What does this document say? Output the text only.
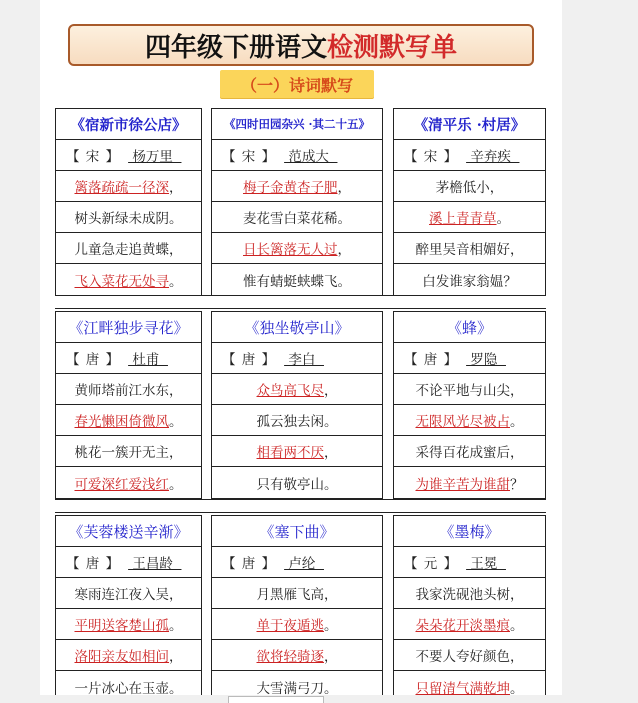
四年级下册语文 检测默写单
（一）诗词默写
《宿新市徐公店》
【 宋 】 杨万里
篱落疏疏一径深 ，
树头新绿未成阴。
儿童急走追黄蝶，
飞入菜花无处寻 。
《四时田园杂兴 ·其二十五》
【 宋 】 范成大
梅子金黄杏子肥 ，
麦花雪白菜花稀。
日长篱落无人过 ，
惟有蜻蜓蛱蝶飞。
《清平乐 ·村居》
【 宋 】 辛弃疾
茅檐低小，
溪上青青草 。
醉里吴音相媚好，
白发谁家翁媪？
《江畔独步寻花》
【 唐 】 杜甫
黄师塔前江水东，
春光懒困倚微风 。
桃花一簇开无主，
可爱深红爱浅红 。
《独坐敬亭山》
【 唐 】 李白
众鸟高飞尽 ，
孤云独去闲。
相看两不厌 ，
只有敬亭山。
《蜂》
【 唐 】 罗隐
不论平地与山尖，
无限风光尽被占 。
采得百花成蜜后，
为谁辛苦为谁甜 ？
《芙蓉楼送辛渐》
【 唐 】 王昌龄
寒雨连江夜入吴，
平明送客楚山孤 。
洛阳亲友如相问 ，
一片冰心在玉壶。
《塞下曲》
【 唐 】 卢纶
月黑雁飞高，
单于夜遁逃 。
欲将轻骑逐 ，
大雪满弓刀。
《墨梅》
【 元 】 王冕
我家洗砚池头树，
朵朵花开淡墨痕 。
不要人夸好颜色，
只留清气满乾坤 。
